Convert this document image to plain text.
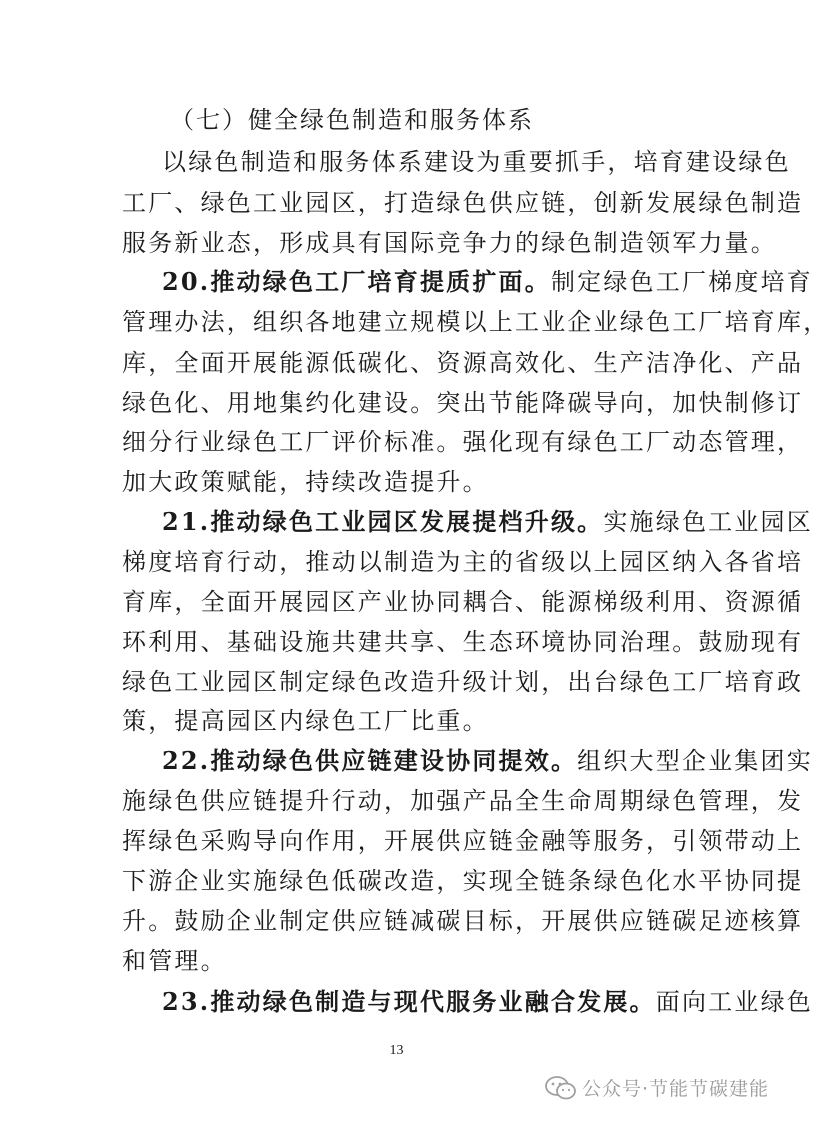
（七）健全绿色制造和服务体系
以绿色制造和服务体系建设为重要抓手，培育建设绿色
工厂、绿色工业园区，打造绿色供应链，创新发展绿色制造
服务新业态，形成具有国际竞争力的绿色制造领军力量。
20.推动绿色工厂培育提质扩面。制定绿色工厂梯度培育
管理办法，组织各地建立规模以上工业企业绿色工厂培育库，
库，全面开展能源低碳化、资源高效化、生产洁净化、产品
绿色化、用地集约化建设。突出节能降碳导向，加快制修订
细分行业绿色工厂评价标准。强化现有绿色工厂动态管理，
加大政策赋能，持续改造提升。
21.推动绿色工业园区发展提档升级。实施绿色工业园区
梯度培育行动，推动以制造为主的省级以上园区纳入各省培
育库，全面开展园区产业协同耦合、能源梯级利用、资源循
环利用、基础设施共建共享、生态环境协同治理。鼓励现有
绿色工业园区制定绿色改造升级计划，出台绿色工厂培育政
策，提高园区内绿色工厂比重。
22.推动绿色供应链建设协同提效。组织大型企业集团实
施绿色供应链提升行动，加强产品全生命周期绿色管理，发
挥绿色采购导向作用，开展供应链金融等服务，引领带动上
下游企业实施绿色低碳改造，实现全链条绿色化水平协同提
升。鼓励企业制定供应链减碳目标，开展供应链碳足迹核算
和管理。
23.推动绿色制造与现代服务业融合发展。面向工业绿色
13
公众号·节能节碳建能
